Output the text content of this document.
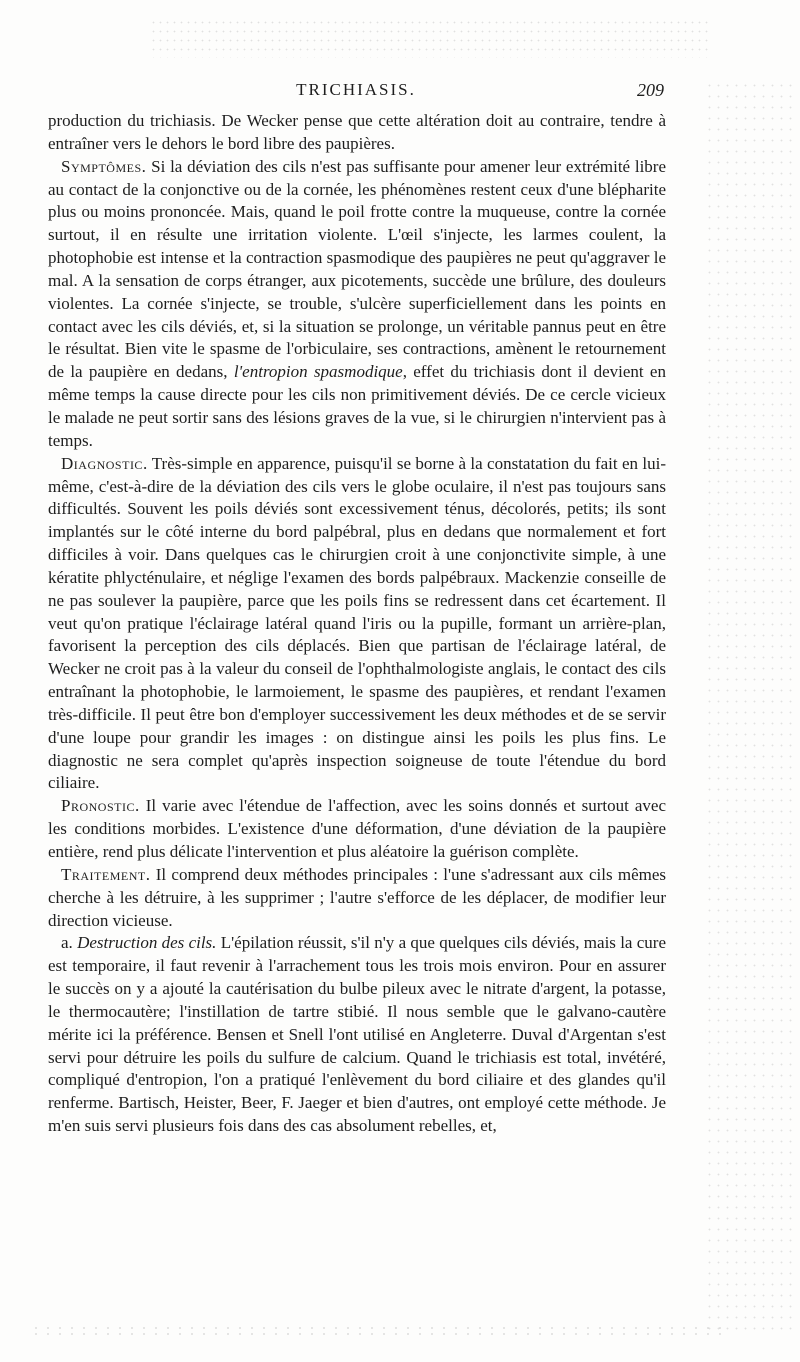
TRICHIASIS.	209

production du trichiasis. De Wecker pense que cette altération doit au contraire, tendre à entraîner vers le dehors le bord libre des paupières.

Symptômes. Si la déviation des cils n'est pas suffisante pour amener leur extrémité libre au contact de la conjonctive ou de la cornée, les phénomènes restent ceux d'une blépharite plus ou moins prononcée. Mais, quand le poil frotte contre la muqueuse, contre la cornée surtout, il en résulte une irritation violente. L'œil s'injecte, les larmes coulent, la photophobie est intense et la contraction spasmodique des paupières ne peut qu'aggraver le mal. A la sensation de corps étranger, aux picotements, succède une brûlure, des douleurs violentes. La cornée s'injecte, se trouble, s'ulcère superficiellement dans les points en contact avec les cils déviés, et, si la situation se prolonge, un véritable pannus peut en être le résultat. Bien vite le spasme de l'orbiculaire, ses contractions, amènent le retournement de la paupière en dedans, l'entropion spasmodique, effet du trichiasis dont il devient en même temps la cause directe pour les cils non primitivement déviés. De ce cercle vicieux le malade ne peut sortir sans des lésions graves de la vue, si le chirurgien n'intervient pas à temps.

Diagnostic. Très-simple en apparence, puisqu'il se borne à la constatation du fait en lui-même, c'est-à-dire de la déviation des cils vers le globe oculaire, il n'est pas toujours sans difficultés. Souvent les poils déviés sont excessivement ténus, décolorés, petits; ils sont implantés sur le côté interne du bord palpébral, plus en dedans que normalement et fort difficiles à voir. Dans quelques cas le chirurgien croit à une conjonctivite simple, à une kératite phlycténulaire, et néglige l'examen des bords palpébraux. Mackenzie conseille de ne pas soulever la paupière, parce que les poils fins se redressent dans cet écartement. Il veut qu'on pratique l'éclairage latéral quand l'iris ou la pupille, formant un arrière-plan, favorisent la perception des cils déplacés. Bien que partisan de l'éclairage latéral, de Wecker ne croit pas à la valeur du conseil de l'ophthalmologiste anglais, le contact des cils entraînant la photophobie, le larmoiement, le spasme des paupières, et rendant l'examen très-difficile. Il peut être bon d'employer successivement les deux méthodes et de se servir d'une loupe pour grandir les images : on distingue ainsi les poils les plus fins. Le diagnostic ne sera complet qu'après inspection soigneuse de toute l'étendue du bord ciliaire.

Pronostic. Il varie avec l'étendue de l'affection, avec les soins donnés et surtout avec les conditions morbides. L'existence d'une déformation, d'une déviation de la paupière entière, rend plus délicate l'intervention et plus aléatoire la guérison complète.

Traitement. Il comprend deux méthodes principales : l'une s'adressant aux cils mêmes cherche à les détruire, à les supprimer ; l'autre s'efforce de les déplacer, de modifier leur direction vicieuse.

a. Destruction des cils. L'épilation réussit, s'il n'y a que quelques cils déviés, mais la cure est temporaire, il faut revenir à l'arrachement tous les trois mois environ. Pour en assurer le succès on y a ajouté la cautérisation du bulbe pileux avec le nitrate d'argent, la potasse, le thermocautère; l'instillation de tartre stibié. Il nous semble que le galvano-cautère mérite ici la préférence. Bensen et Snell l'ont utilisé en Angleterre. Duval d'Argentan s'est servi pour détruire les poils du sulfure de calcium. Quand le trichiasis est total, invétéré, compliqué d'entropion, l'on a pratiqué l'enlèvement du bord ciliaire et des glandes qu'il renferme. Bartisch, Heister, Beer, F. Jaeger et bien d'autres, ont employé cette méthode. Je m'en suis servi plusieurs fois dans des cas absolument rebelles, et,
